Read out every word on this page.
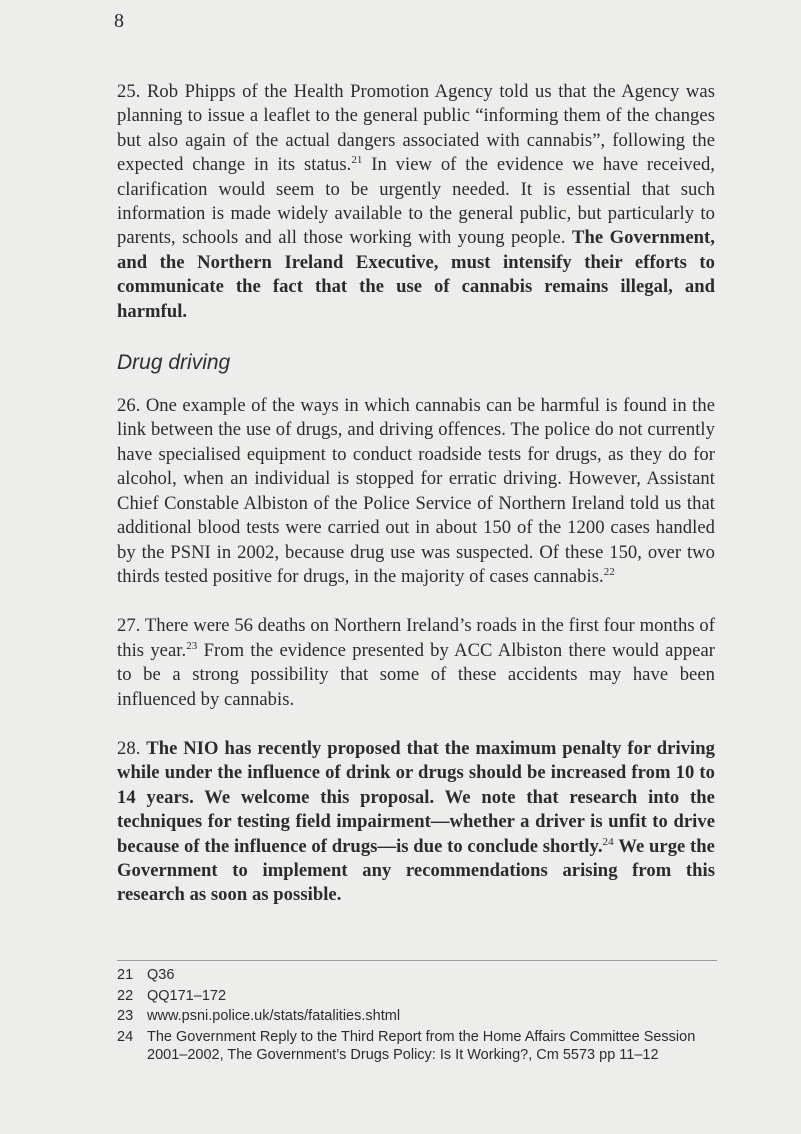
8

25. Rob Phipps of the Health Promotion Agency told us that the Agency was planning to issue a leaflet to the general public “informing them of the changes but also again of the actual dangers associated with cannabis”, following the expected change in its status.$^{21}$ In view of the evidence we have received, clarification would seem to be urgently needed. It is essential that such information is made widely available to the general public, but particularly to parents, schools and all those working with young people. The Government, and the Northern Ireland Executive, must intensify their efforts to communicate the fact that the use of cannabis remains illegal, and harmful.

Drug driving

26. One example of the ways in which cannabis can be harmful is found in the link between the use of drugs, and driving offences. The police do not currently have specialised equipment to conduct roadside tests for drugs, as they do for alcohol, when an individual is stopped for erratic driving. However, Assistant Chief Constable Albiston of the Police Service of Northern Ireland told us that additional blood tests were carried out in about 150 of the 1200 cases handled by the PSNI in 2002, because drug use was suspected. Of these 150, over two thirds tested positive for drugs, in the majority of cases cannabis.$^{22}$

27. There were 56 deaths on Northern Ireland’s roads in the first four months of this year.$^{23}$ From the evidence presented by ACC Albiston there would appear to be a strong possibility that some of these accidents may have been influenced by cannabis.

28. The NIO has recently proposed that the maximum penalty for driving while under the influence of drink or drugs should be increased from 10 to 14 years. We welcome this proposal. We note that research into the techniques for testing field impairment—whether a driver is unfit to drive because of the influence of drugs—is due to conclude shortly.$^{24}$ We urge the Government to implement any recommendations arising from this research as soon as possible.

21 Q36
22 QQ171–172
23 www.psni.police.uk/stats/fatalities.shtml
24 The Government Reply to the Third Report from the Home Affairs Committee Session 2001–2002, The Government’s Drugs Policy: Is It Working?, Cm 5573 pp 11–12
